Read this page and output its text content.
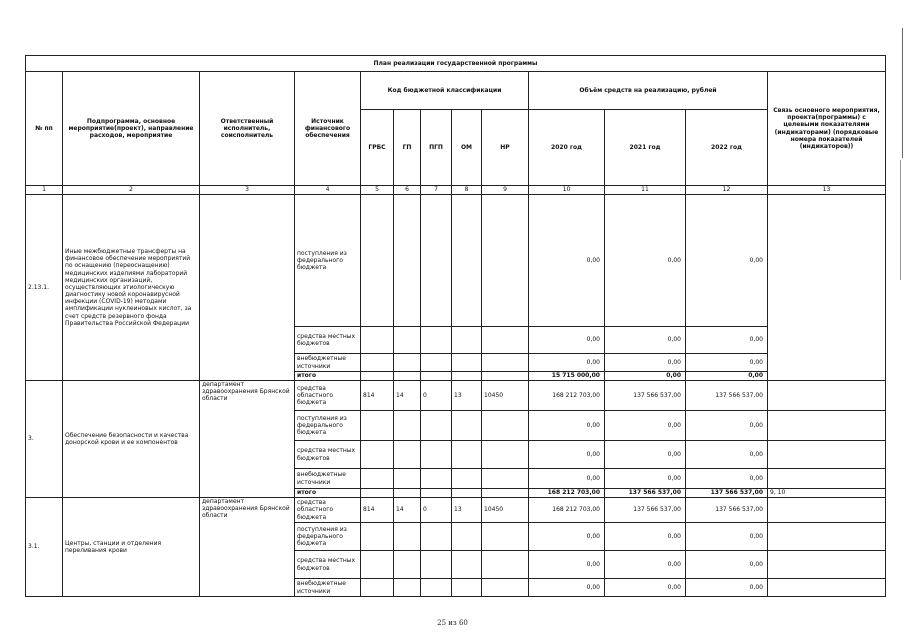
План реализации государственной программы												
№ пп	Подпрограмма, основное мероприятие(проект), направление расходов, мероприятие	Ответственный исполнитель, соисполнитель	Источник финансового обеспечения	Код бюджетной классификации					Объём средств на реализацию, рублей			Связь основного мероприятия, проекта(программы) с целевыми показателями (индикаторами) (порядковые номера показателей (индикаторов))
				ГРБС	ГП	ПГП	ОМ	НР	2020 год	2021 год	2022 год	
1	2	3	4	5	6	7	8	9	10	11	12	13
2.13.1.	Иные межбюджетные трансферты на финансовое обеспечение мероприятий по оснащению (переоснащению) медицинских изделиями лабораторий медицинских организаций, осуществляющих этиологическую диагностику новой коронавирусной инфекции (COVID-19) методами амплификации нуклеиновых кислот, за счет средств резервного фонда Правительства Российской Федерации		поступления из федерального бюджета						0,00	0,00	0,00	
			средства местных бюджетов						0,00	0,00	0,00	
			внебюджетные источники						0,00	0,00	0,00	
			итого						15 715 000,00	0,00	0,00	
3.	Обеспечение безопасности и качества донорской крови и ее компонентов	департамент здравоохранения Брянской области	средства областного бюджета	814	14	0	13	10450	168 212 703,00	137 566 537,00	137 566 537,00	
			поступления из федерального бюджета						0,00	0,00	0,00	
			средства местных бюджетов						0,00	0,00	0,00	
			внебюджетные источники						0,00	0,00	0,00	
			итого						168 212 703,00	137 566 537,00	137 566 537,00	9, 10
3.1.	Центры, станции и отделения переливания крови	департамент здравоохранения Брянской области	средства областного бюджета	814	14	0	13	10450	168 212 703,00	137 566 537,00	137 566 537,00	
			поступления из федерального бюджета						0,00	0,00	0,00	
			средства местных бюджетов						0,00	0,00	0,00	
			внебюджетные источники						0,00	0,00	0,00	
25 из 60
